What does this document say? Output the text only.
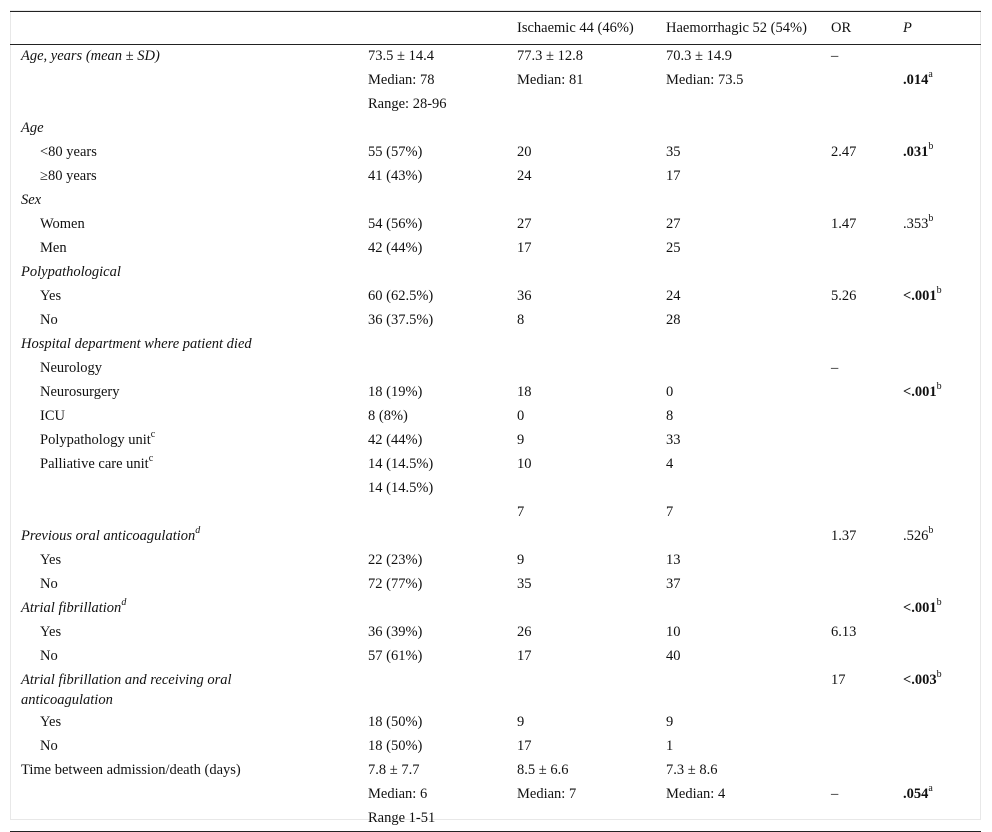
		Ischaemic 44 (46%)	Haemorrhagic 52 (54%)	OR	P
Age, years (mean ± SD)	73.5 ± 14.4	77.3 ± 12.8	70.3 ± 14.9	–	
	Median: 78	Median: 81	Median: 73.5		.014$^a$
	Range: 28-96				
Age					
<80 years	55 (57%)	20	35	2.47	.031$^b$
≥80 years	41 (43%)	24	17		
Sex					
Women	54 (56%)	27	27	1.47	.353$^b$
Men	42 (44%)	17	25		
Polypathological					
Yes	60 (62.5%)	36	24	5.26	<.001$^b$
No	36 (37.5%)	8	28		
Hospital department where patient died					
Neurology				–	
Neurosurgery	18 (19%)	18	0		<.001$^b$
ICU	8 (8%)	0	8		
Polypathology unit$^c$	42 (44%)	9	33		
Palliative care unit$^c$	14 (14.5%)	10	4		
	14 (14.5%)				
		7	7		
Previous oral anticoagulation$^d$				1.37	.526$^b$
Yes	22 (23%)	9	13		
No	72 (77%)	35	37		
Atrial fibrillation$^d$					<.001$^b$
Yes	36 (39%)	26	10	6.13	
No	57 (61%)	17	40		
Atrial fibrillation and receiving oral anticoagulation				17	<.003$^b$
Yes	18 (50%)	9	9		
No	18 (50%)	17	1		
Time between admission/death (days)	7.8 ± 7.7	8.5 ± 6.6	7.3 ± 8.6		
	Median: 6	Median: 7	Median: 4	–	.054$^a$
	Range 1-51				
